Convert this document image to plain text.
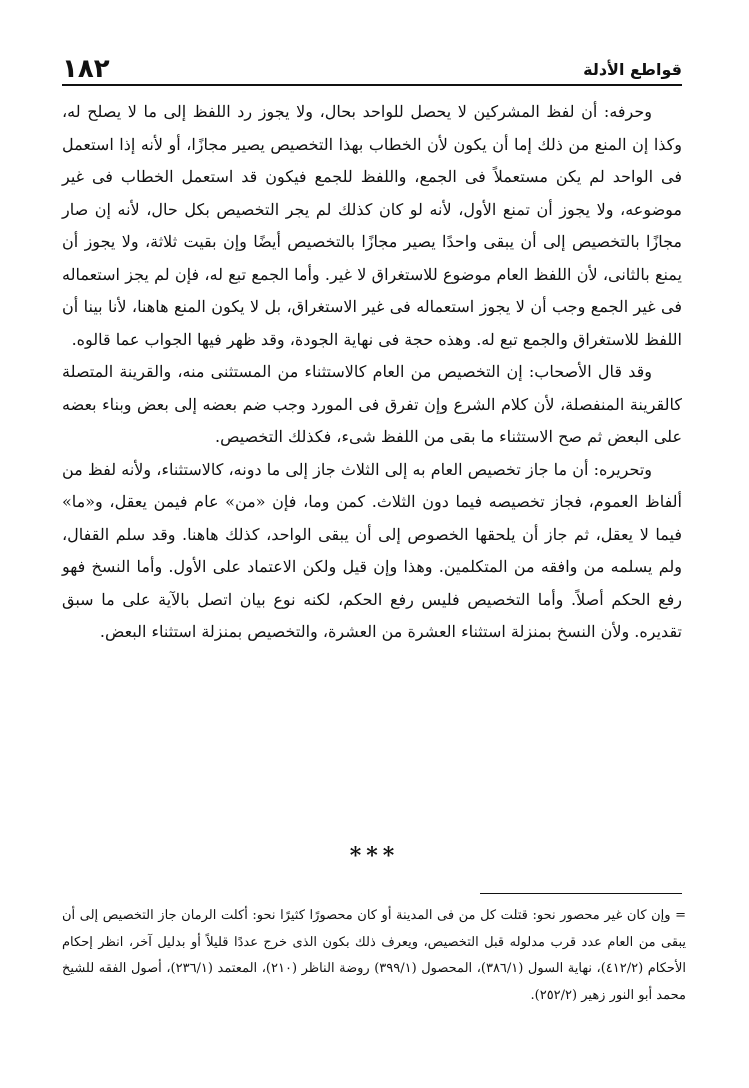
قواطع الأدلة
١٨٢

وحرفه: أن لفظ المشركين لا يحصل للواحد بحال، ولا يجوز رد اللفظ إلى ما لا يصلح له، وكذا إن المنع من ذلك إما أن يكون لأن الخطاب بهذا التخصيص يصير مجازًا، أو لأنه إذا استعمل فى الواحد لم يكن مستعملاً فى الجمع، واللفظ للجمع فيكون قد استعمل الخطاب فى غير موضوعه، ولا يجوز أن تمنع الأول، لأنه لو كان كذلك لم يجر التخصيص بكل حال، لأنه إن صار مجازًا بالتخصيص إلى أن يبقى واحدًا يصير مجازًا بالتخصيص أيضًا وإن بقيت ثلاثة، ولا يجوز أن يمنع بالثانى، لأن اللفظ العام موضوع للاستغراق لا غير. وأما الجمع تبع له، فإن لم يجز استعماله فى غير الجمع وجب أن لا يجوز استعماله فى غير الاستغراق، بل لا يكون المنع هاهنا، لأنا بينا أن اللفظ للاستغراق والجمع تبع له. وهذه حجة فى نهاية الجودة، وقد ظهر فيها الجواب عما قالوه.

وقد قال الأصحاب: إن التخصيص من العام كالاستثناء من المستثنى منه، والقرينة المتصلة كالقرينة المنفصلة، لأن كلام الشرع وإن تفرق فى المورد وجب ضم بعضه إلى بعض وبناء بعضه على البعض ثم صح الاستثناء ما بقى من اللفظ شىء، فكذلك التخصيص.

وتحريره: أن ما جاز تخصيص العام به إلى الثلاث جاز إلى ما دونه، كالاستثناء، ولأنه لفظ من ألفاظ العموم، فجاز تخصيصه فيما دون الثلاث. كمن وما، فإن «من» عام فيمن يعقل، و«ما» فيما لا يعقل، ثم جاز أن يلحقها الخصوص إلى أن يبقى الواحد، كذلك هاهنا. وقد سلم القفال، ولم يسلمه من وافقه من المتكلمين. وهذا وإن قيل ولكن الاعتماد على الأول. وأما النسخ فهو رفع الحكم أصلاً. وأما التخصيص فليس رفع الحكم، لكنه نوع بيان اتصل بالآية على ما سبق تقديره. ولأن النسخ بمنزلة استثناء العشرة من العشرة، والتخصيص بمنزلة استثناء البعض.

***

= وإن كان غير محصور نحو: قتلت كل من فى المدينة أو كان محصورًا كثيرًا نحو: أكلت الرمان جاز التخصيص إلى أن يبقى من العام عدد قرب مدلوله قبل التخصيص، ويعرف ذلك بكون الذى خرج عددًا قليلاً أو بدليل آخر، انظر إحكام الأحكام (٤١٢/٢)، نهاية السول (٣٨٦/١)، المحصول (٣٩٩/١) روضة الناظر (٢١٠)، المعتمد (٢٣٦/١)، أصول الفقه للشيخ محمد أبو النور زهير (٢٥٢/٢).
